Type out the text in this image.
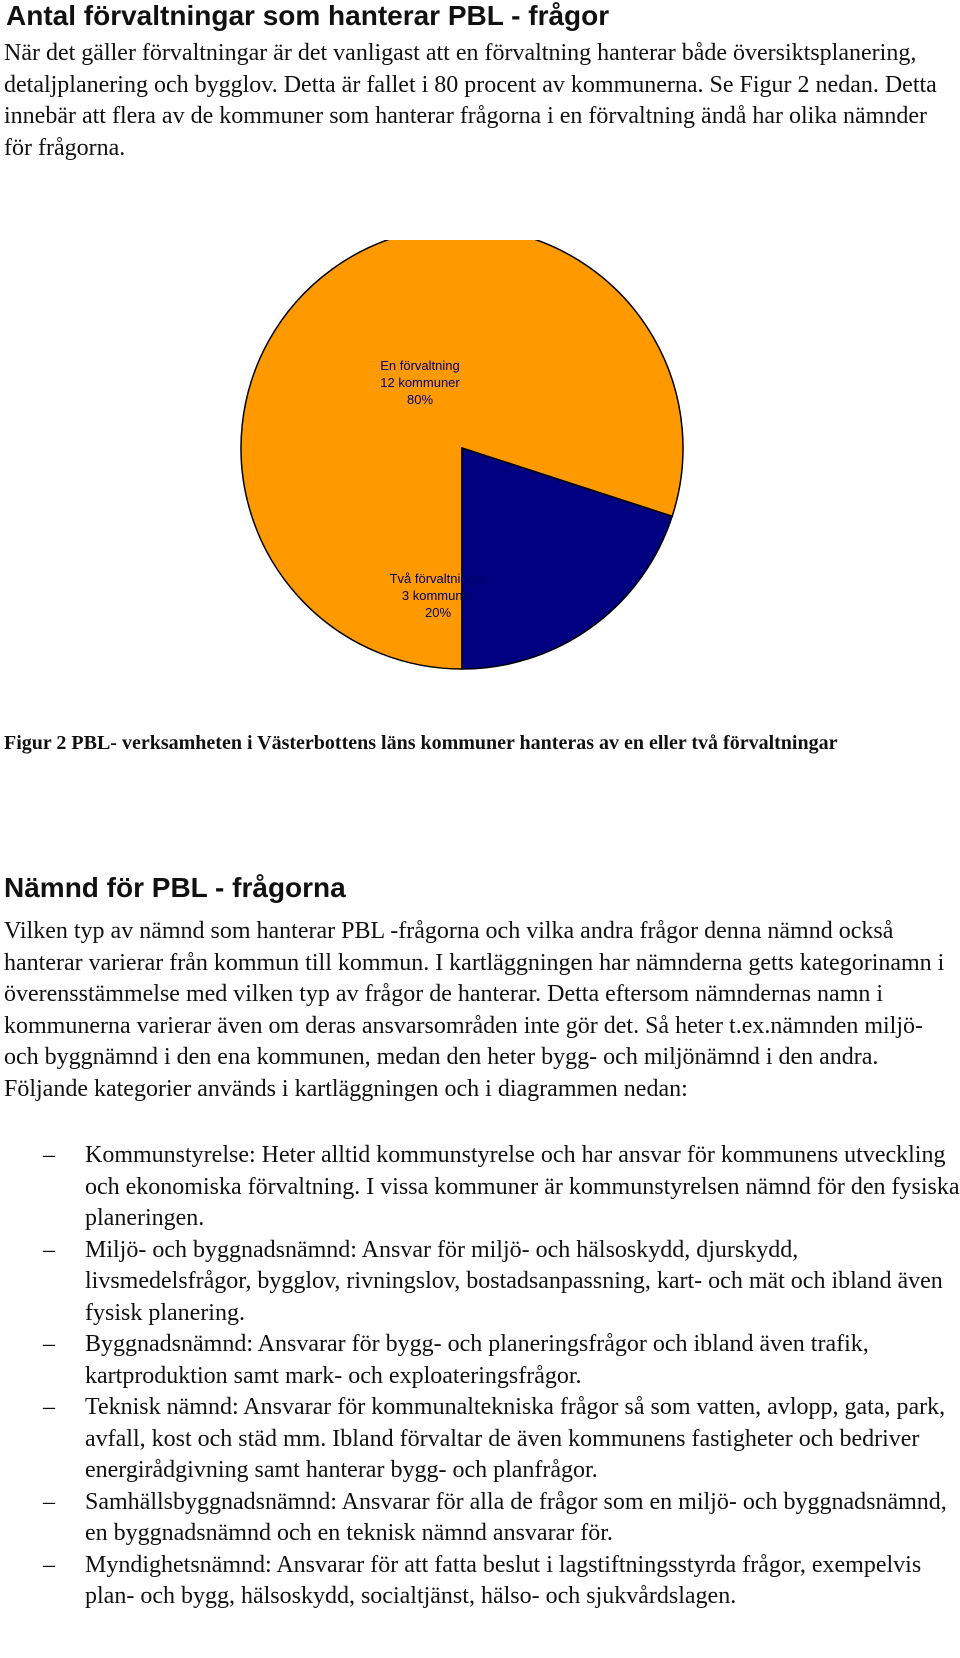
Antal förvaltningar som hanterar PBL - frågor

När det gäller förvaltningar är det vanligast att en förvaltning hanterar både översiktsplanering, detaljplanering och bygglov. Detta är fallet i 80 procent av kommunerna. Se Figur 2 nedan. Detta innebär att flera av de kommuner som hanterar frågorna i en förvaltning ändå har olika nämnder för frågorna.

En förvaltning
12 kommuner
80%
Två förvaltningar
3 kommuner
20%

Figur 2 PBL- verksamheten i Västerbottens läns kommuner hanteras av en eller två förvaltningar

Nämnd för PBL - frågorna

Vilken typ av nämnd som hanterar PBL -frågorna och vilka andra frågor denna nämnd också hanterar varierar från kommun till kommun. I kartläggningen har nämnderna getts kategorinamn i överensstämmelse med vilken typ av frågor de hanterar. Detta eftersom nämndernas namn i kommunerna varierar även om deras ansvarsområden inte gör det. Så heter t.ex.nämnden miljö- och byggnämnd i den ena kommunen, medan den heter bygg- och miljönämnd i den andra. Följande kategorier används i kartläggningen och i diagrammen nedan:

–	Kommunstyrelse: Heter alltid kommunstyrelse och har ansvar för kommunens utveckling och ekonomiska förvaltning. I vissa kommuner är kommunstyrelsen nämnd för den fysiska planeringen.
–	Miljö- och byggnadsnämnd: Ansvar för miljö- och hälsoskydd, djurskydd, livsmedelsfrågor, bygglov, rivningslov, bostadsanpassning, kart- och mät och ibland även fysisk planering.
–	Byggnadsnämnd: Ansvarar för bygg- och planeringsfrågor och ibland även trafik, kartproduktion samt mark- och exploateringsfrågor.
–	Teknisk nämnd: Ansvarar för kommunaltekniska frågor så som vatten, avlopp, gata, park, avfall, kost och städ mm. Ibland förvaltar de även kommunens fastigheter och bedriver energirådgivning samt hanterar bygg- och planfrågor.
–	Samhällsbyggnadsnämnd: Ansvarar för alla de frågor som en miljö- och byggnadsnämnd, en byggnadsnämnd och en teknisk nämnd ansvarar för.
–	Myndighetsnämnd: Ansvarar för att fatta beslut i lagstiftningsstyrda frågor, exempelvis plan- och bygg, hälsoskydd, socialtjänst, hälso- och sjukvårdslagen.
